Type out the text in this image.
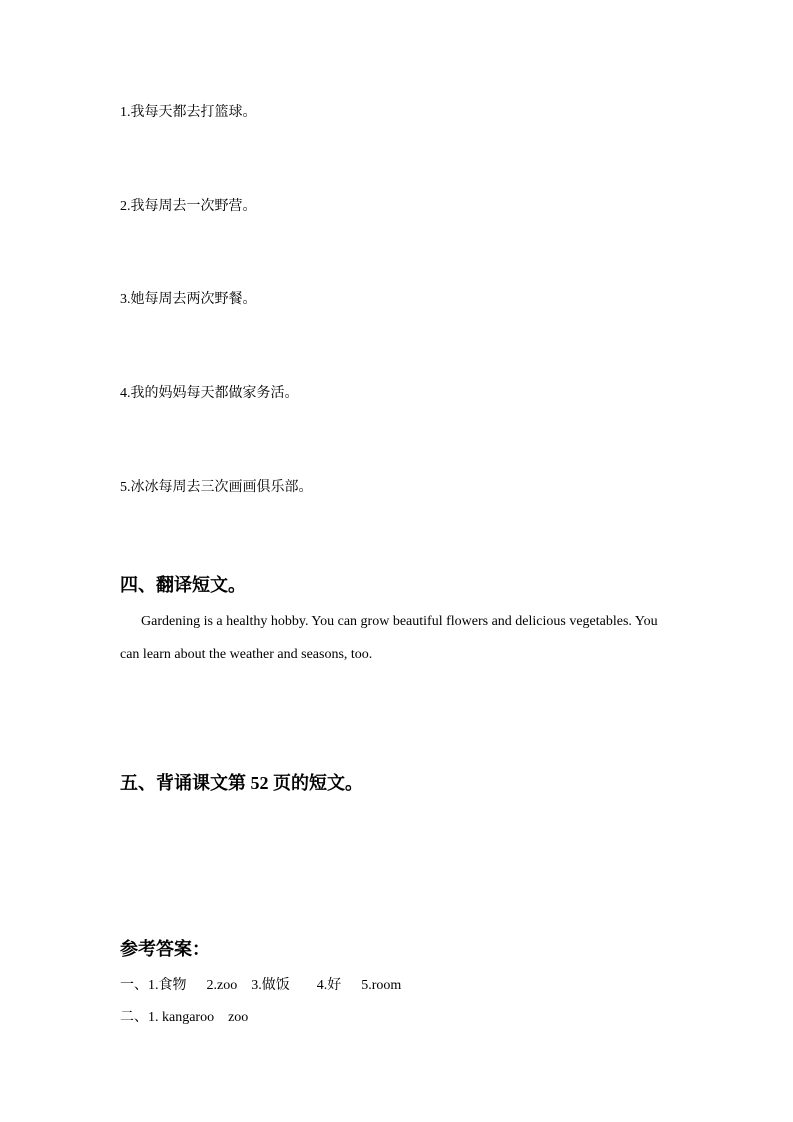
1.我每天都去打篮球。
2.我每周去一次野营。
3.她每周去两次野餐。
4.我的妈妈每天都做家务活。
5.冰冰每周去三次画画俱乐部。
四、翻译短文。
Gardening is a healthy hobby. You can grow beautiful flowers and delicious vegetables. You can learn about the weather and seasons, too.
五、背诵课文第 52 页的短文。
参考答案：
一、1.食物 2.zoo 3.做饭 4.好 5.room
二、1. kangaroo zoo
